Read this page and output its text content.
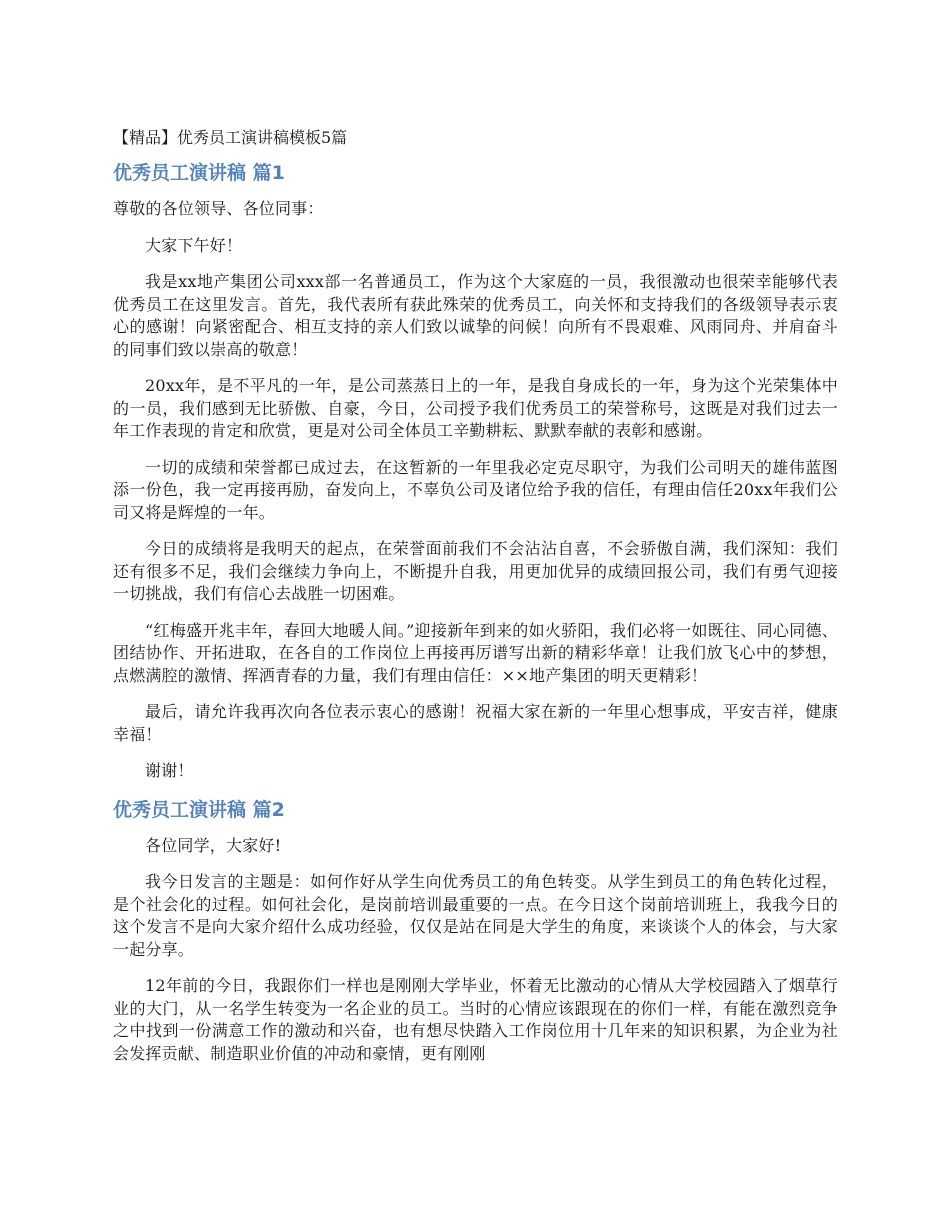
【精品】优秀员工演讲稿模板5篇
优秀员工演讲稿 篇1

尊敬的各位领导、各位同事：

大家下午好！

我是xx地产集团公司xxx部一名普通员工，作为这个大家庭的一员，我很激动也很荣幸能够代表优秀员工在这里发言。首先，我代表所有获此殊荣的优秀员工，向关怀和支持我们的各级领导表示衷心的感谢！向紧密配合、相互支持的亲人们致以诚挚的问候！向所有不畏艰难、风雨同舟、并肩奋斗的同事们致以崇高的敬意！

20xx年，是不平凡的一年，是公司蒸蒸日上的一年，是我自身成长的一年，身为这个光荣集体中的一员，我们感到无比骄傲、自豪，今日，公司授予我们优秀员工的荣誉称号，这既是对我们过去一年工作表现的肯定和欣赏，更是对公司全体员工辛勤耕耘、默默奉献的表彰和感谢。

一切的成绩和荣誉都已成过去，在这暂新的一年里我必定克尽职守，为我们公司明天的雄伟蓝图添一份色，我一定再接再励，奋发向上，不辜负公司及诸位给予我的信任，有理由信任20xx年我们公司又将是辉煌的一年。

今日的成绩将是我明天的起点，在荣誉面前我们不会沾沾自喜，不会骄傲自满，我们深知：我们还有很多不足，我们会继续力争向上，不断提升自我，用更加优异的成绩回报公司，我们有勇气迎接一切挑战，我们有信心去战胜一切困难。

“红梅盛开兆丰年，春回大地暖人间。”迎接新年到来的如火骄阳，我们必将一如既往、同心同德、团结协作、开拓进取，在各自的工作岗位上再接再厉谱写出新的精彩华章！让我们放飞心中的梦想，点燃满腔的激情、挥洒青春的力量，我们有理由信任：××地产集团的明天更精彩！

最后，请允许我再次向各位表示衷心的感谢！祝福大家在新的一年里心想事成，平安吉祥，健康幸福！

谢谢！

优秀员工演讲稿 篇2

各位同学，大家好!

我今日发言的主题是：如何作好从学生向优秀员工的角色转变。从学生到员工的角色转化过程，是个社会化的过程。如何社会化，是岗前培训最重要的一点。在今日这个岗前培训班上，我我今日的这个发言不是向大家介绍什么成功经验，仅仅是站在同是大学生的角度，来谈谈个人的体会，与大家一起分享。

12年前的今日，我跟你们一样也是刚刚大学毕业，怀着无比激动的心情从大学校园踏入了烟草行业的大门，从一名学生转变为一名企业的员工。当时的心情应该跟现在的你们一样，有能在激烈竞争之中找到一份满意工作的激动和兴奋，也有想尽快踏入工作岗位用十几年来的知识积累，为企业为社会发挥贡献、制造职业价值的冲动和豪情，更有刚刚
